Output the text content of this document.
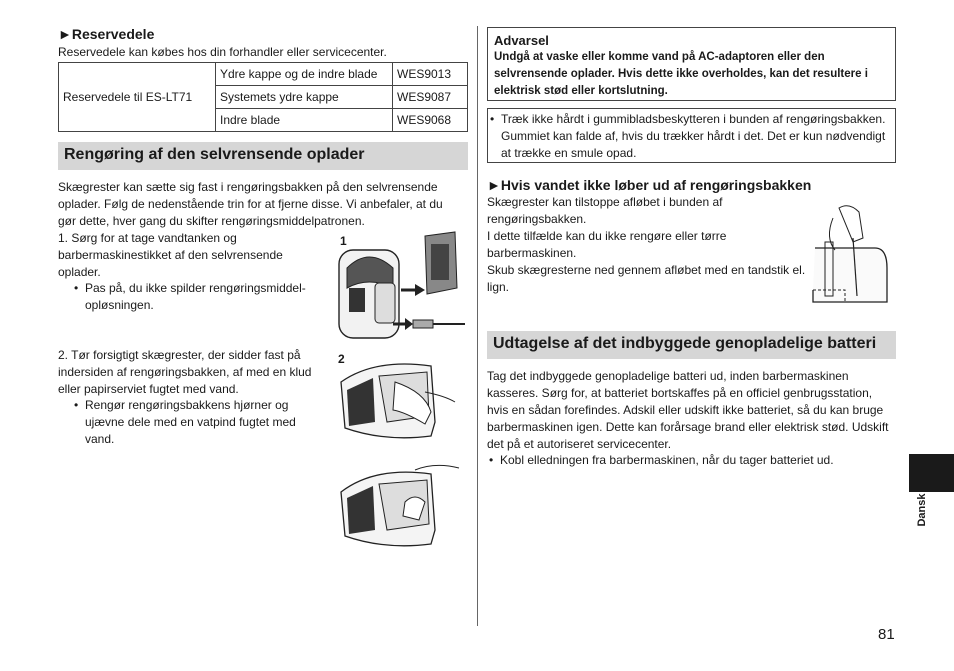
►Reservedele
Reservedele kan købes hos din forhandler eller servicecenter.
Reservedele til ES-LT71	Ydre kappe og de indre blade	WES9013
	Systemets ydre kappe	WES9087
	Indre blade	WES9068
Rengøring af den selvrensende oplader
Skægrester kan sætte sig fast i rengøringsbakken på den selvrensende oplader. Følg de nedenstående trin for at fjerne disse. Vi anbefaler, at du gør dette, hver gang du skifter rengøringsmiddelpatronen.
1. Sørg for at tage vandtanken og barbermaskinestikket af den selvrensende oplader.
• Pas på, du ikke spilder rengøringsmiddel-opløsningen.
1
2. Tør forsigtigt skægrester, der sidder fast på indersiden af rengøringsbakken, af med en klud eller papirserviet fugtet med vand.
• Rengør rengøringsbakkens hjørner og ujævne dele med en vatpind fugtet med vand.
2
Advarsel
Undgå at vaske eller komme vand på AC-adaptoren eller den selvrensende oplader. Hvis dette ikke overholdes, kan det resultere i elektrisk stød eller kortslutning.
• Træk ikke hårdt i gummibladsbeskytteren i bunden af rengøringsbakken. Gummiet kan falde af, hvis du trækker hårdt i det. Det er kun nødvendigt at trække en smule opad.
►Hvis vandet ikke løber ud af rengøringsbakken
Skægrester kan tilstoppe afløbet i bunden af rengøringsbakken.
I dette tilfælde kan du ikke rengøre eller tørre barbermaskinen.
Skub skægresterne ned gennem afløbet med en tandstik el. lign.
Udtagelse af det indbyggede genopladelige batteri
Tag det indbyggede genopladelige batteri ud, inden barbermaskinen kasseres. Sørg for, at batteriet bortskaffes på en officiel genbrugsstation, hvis en sådan forefindes. Adskil eller udskift ikke batteriet, så du kan bruge barbermaskinen igen. Dette kan forårsage brand eller elektrisk stød. Udskift det på et autoriseret servicecenter.
• Kobl elledningen fra barbermaskinen, når du tager batteriet ud.
Dansk
81
